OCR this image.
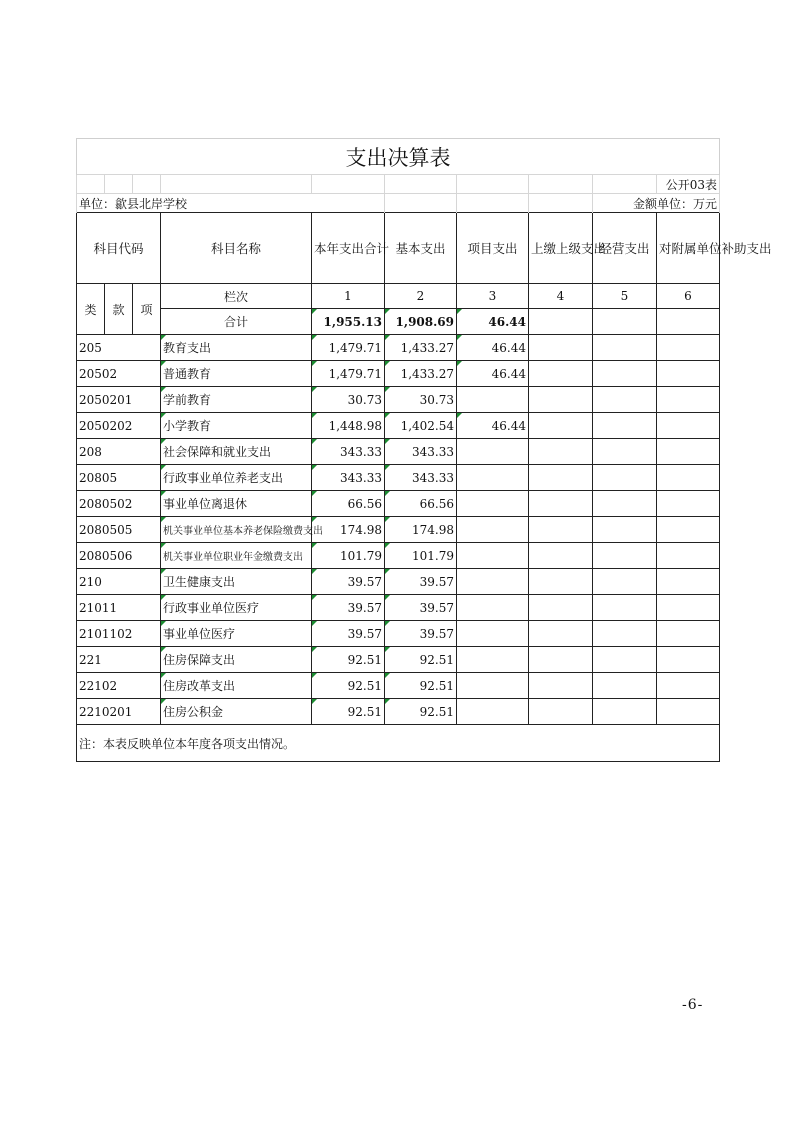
支出决算表									
									公开03表
单位：歙县北岸学校								金额单位：万元	
科目代码			科目名称	本年支出合计	基本支出	项目支出	上缴上级支出	经营支出	对附属单位补助支出
类	款	项	栏次	1	2	3	4	5	6
			合计	1,955.13	1,908.69	46.44			
205			教育支出	1,479.71	1,433.27	46.44			
20502			普通教育	1,479.71	1,433.27	46.44			
2050201			学前教育	30.73	30.73				
2050202			小学教育	1,448.98	1,402.54	46.44			
208			社会保障和就业支出	343.33	343.33				
20805			行政事业单位养老支出	343.33	343.33				
2080502			事业单位离退休	66.56	66.56				
2080505			机关事业单位基本养老保险缴费支出	174.98	174.98				
2080506			机关事业单位职业年金缴费支出	101.79	101.79				
210			卫生健康支出	39.57	39.57				
21011			行政事业单位医疗	39.57	39.57				
2101102			事业单位医疗	39.57	39.57				
221			住房保障支出	92.51	92.51				
22102			住房改革支出	92.51	92.51				
2210201			住房公积金	92.51	92.51				
注：本表反映单位本年度各项支出情况。									
-6-
